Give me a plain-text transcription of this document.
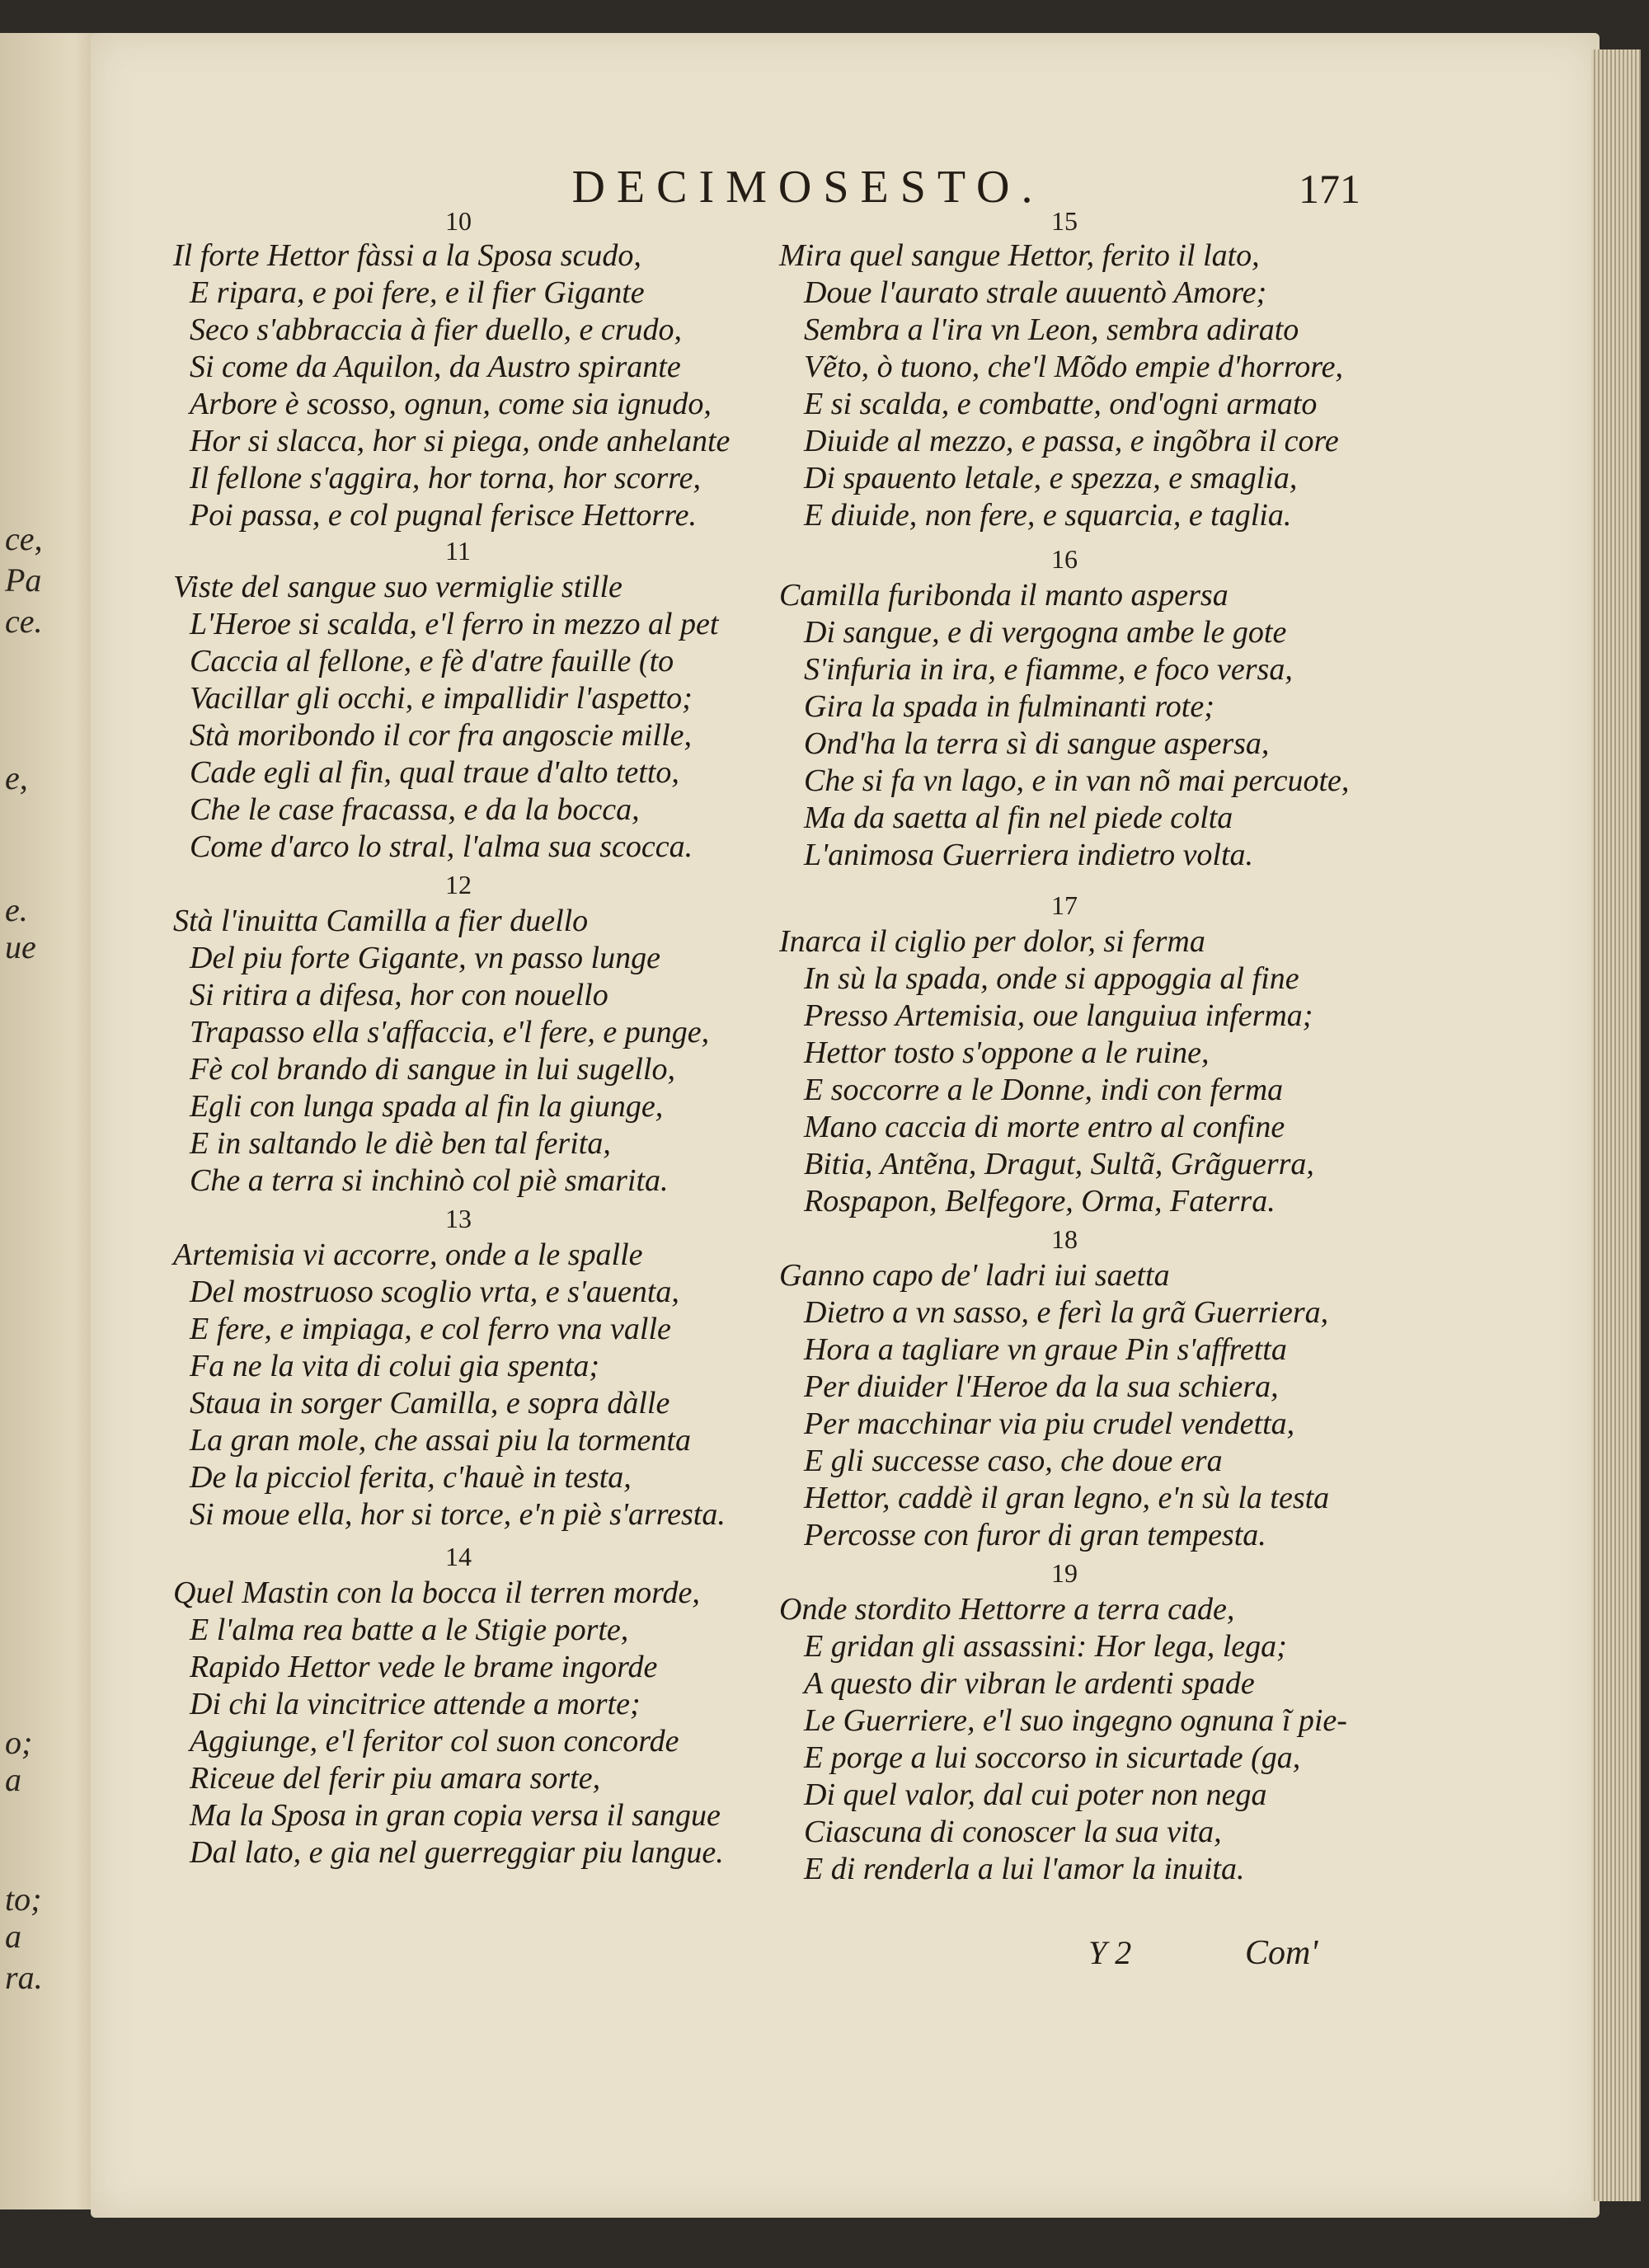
ce,
Pa
ce.
e,
e.
ue
o;
a
to;
a
ra.
DECIMOSESTO.	171
10
Il forte Hettor fàssi a la Sposa scudo,
E ripara, e poi fere, e il fier Gigante
Seco s'abbraccia à fier duello, e crudo,
Si come da Aquilon, da Austro spirante
Arbore è scosso, ognun, come sia ignudo,
Hor si slacca, hor si piega, onde anhelante
Il fellone s'aggira, hor torna, hor scorre,
Poi passa, e col pugnal ferisce Hettorre.
11
Viste del sangue suo vermiglie stille
L'Heroe si scalda, e'l ferro in mezzo al pet
Caccia al fellone, e fè d'atre fauille (to
Vacillar gli occhi, e impallidir l'aspetto;
Stà moribondo il cor fra angoscie mille,
Cade egli al fin, qual traue d'alto tetto,
Che le case fracassa, e da la bocca,
Come d'arco lo stral, l'alma sua scocca.
12
Stà l'inuitta Camilla a fier duello
Del piu forte Gigante, vn passo lunge
Si ritira a difesa, hor con nouello
Trapasso ella s'affaccia, e'l fere, e punge,
Fè col brando di sangue in lui sugello,
Egli con lunga spada al fin la giunge,
E in saltando le diè ben tal ferita,
Che a terra si inchinò col piè smarita.
13
Artemisia vi accorre, onde a le spalle
Del mostruoso scoglio vrta, e s'auenta,
E fere, e impiaga, e col ferro vna valle
Fa ne la vita di colui gia spenta;
Staua in sorger Camilla, e sopra dàlle
La gran mole, che assai piu la tormenta
De la picciol ferita, c'hauè in testa,
Si moue ella, hor si torce, e'n piè s'arresta.
14
Quel Mastin con la bocca il terren morde,
E l'alma rea batte a le Stigie porte,
Rapido Hettor vede le brame ingorde
Di chi la vincitrice attende a morte;
Aggiunge, e'l feritor col suon concorde
Riceue del ferir piu amara sorte,
Ma la Sposa in gran copia versa il sangue
Dal lato, e gia nel guerreggiar piu langue.
15
Mira quel sangue Hettor, ferito il lato,
Doue l'aurato strale auuentò Amore;
Sembra a l'ira vn Leon, sembra adirato
Vẽto, ò tuono, che'l Mõdo empie d'horrore,
E si scalda, e combatte, ond'ogni armato
Diuide al mezzo, e passa, e ingõbra il core
Di spauento letale, e spezza, e smaglia,
E diuide, non fere, e squarcia, e taglia.
16
Camilla furibonda il manto aspersa
Di sangue, e di vergogna ambe le gote
S'infuria in ira, e fiamme, e foco versa,
Gira la spada in fulminanti rote;
Ond'ha la terra sì di sangue aspersa,
Che si fa vn lago, e in van nõ mai percuote,
Ma da saetta al fin nel piede colta
L'animosa Guerriera indietro volta.
17
Inarca il ciglio per dolor, si ferma
In sù la spada, onde si appoggia al fine
Presso Artemisia, oue languiua inferma;
Hettor tosto s'oppone a le ruine,
E soccorre a le Donne, indi con ferma
Mano caccia di morte entro al confine
Bitia, Antẽna, Dragut, Sultã, Grãguerra,
Rospapon, Belfegore, Orma, Faterra.
18
Ganno capo de' ladri iui saetta
Dietro a vn sasso, e ferì la grã Guerriera,
Hora a tagliare vn graue Pin s'affretta
Per diuider l'Heroe da la sua schiera,
Per macchinar via piu crudel vendetta,
E gli successe caso, che doue era
Hettor, caddè il gran legno, e'n sù la testa
Percosse con furor di gran tempesta.
19
Onde stordito Hettorre a terra cade,
E gridan gli assassini: Hor lega, lega;
A questo dir vibran le ardenti spade
Le Guerriere, e'l suo ingegno ognuna ĩ pie-
E porge a lui soccorso in sicurtade (ga,
Di quel valor, dal cui poter non nega
Ciascuna di conoscer la sua vita,
E di renderla a lui l'amor la inuita.
Y 2	Com'
